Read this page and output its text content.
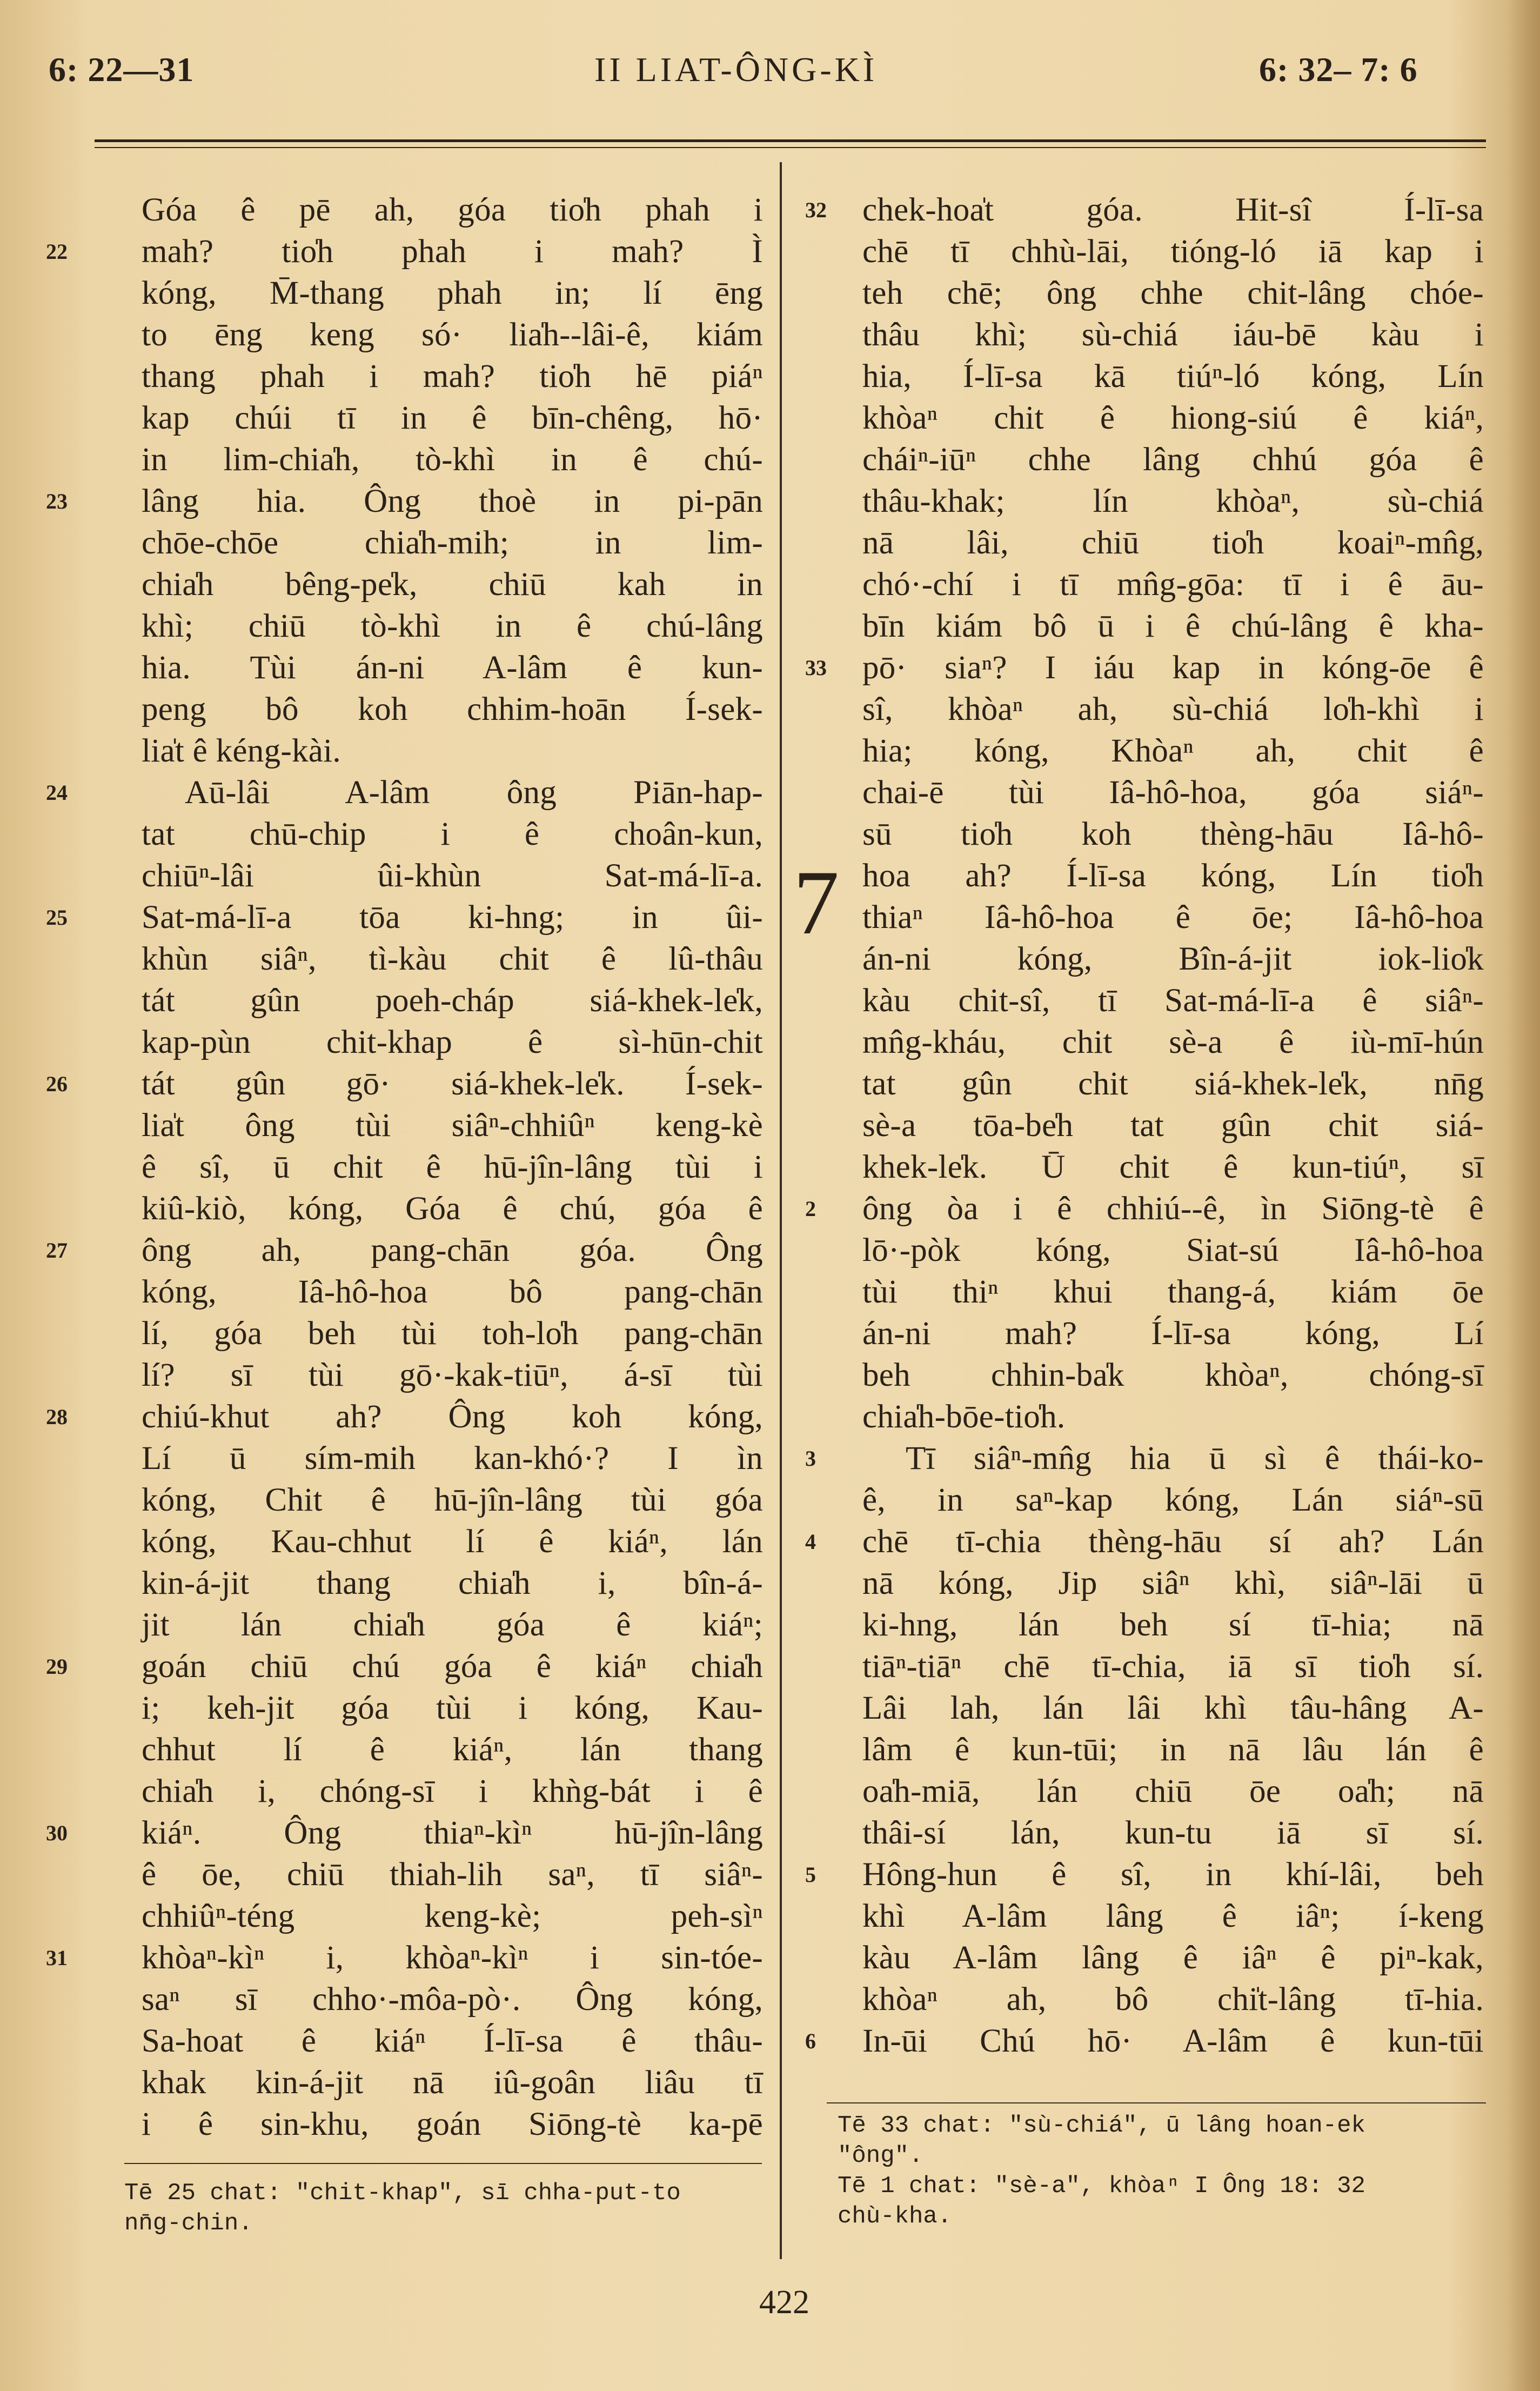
6: 22—31	II LIAT-ÔNG-KÌ	6: 32– 7: 6
22
23
24
25
26
27
28
29
30
31
Góa ê pē ah, góa tio̍h phah i
mah? tio̍h phah i mah? Ì
kóng, M̄-thang phah in; lí ēng
to ēng keng só· lia̍h--lâi-ê, kiám
thang phah i mah? tio̍h hē piáⁿ
kap chúi tī in ê bīn-chêng, hō·
in lim-chia̍h, tò-khì in ê chú-
lâng hia. Ông thoè in pi-pān
chōe-chōe chia̍h-mih; in lim-
chia̍h bêng-pe̍k, chiū kah in
khì; chiū tò-khì in ê chú-lâng
hia. Tùi án-ni A-lâm ê kun-
peng bô koh chhim-hoān Í-sek-
lia̍t ê kéng-kài.
Aū-lâi A-lâm ông Piān-hap-
tat chū-chip i ê choân-kun,
chiūⁿ-lâi ûi-khùn Sat-má-lī-a.
Sat-má-lī-a tōa ki-hng; in ûi-
khùn siâⁿ, tì-kàu chit ê lû-thâu
tát gûn poeh-cháp siá-khek-le̍k,
kap-pùn chit-khap ê sì-hūn-chit
tát gûn gō· siá-khek-le̍k. Í-sek-
lia̍t ông tùi siâⁿ-chhiûⁿ keng-kè
ê sî, ū chit ê hū-jîn-lâng tùi i
kiû-kiò, kóng, Góa ê chú, góa ê
ông ah, pang-chān góa. Ông
kóng, Iâ-hô-hoa bô pang-chān
lí, góa beh tùi toh-lo̍h pang-chān
lí? sī tùi gō·-kak-tiūⁿ, á-sī tùi
chiú-khut ah? Ông koh kóng,
Lí ū sím-mih kan-khó·? I ìn
kóng, Chit ê hū-jîn-lâng tùi góa
kóng, Kau-chhut lí ê kiáⁿ, lán
kin-á-jit thang chia̍h i, bîn-á-
jit lán chia̍h góa ê kiáⁿ;
goán chiū chú góa ê kiáⁿ chia̍h
i; keh-jit góa tùi i kóng, Kau-
chhut lí ê kiáⁿ, lán thang
chia̍h i, chóng-sī i khǹg-bát i ê
kiáⁿ. Ông thiaⁿ-kìⁿ hū-jîn-lâng
ê ōe, chiū thiah-lih saⁿ, tī siâⁿ-
chhiûⁿ-téng keng-kè; peh-sìⁿ
khòaⁿ-kìⁿ i, khòaⁿ-kìⁿ i sin-tóe-
saⁿ sī chho·-môa-pò·. Ông kóng,
Sa-hoat ê kiáⁿ Í-lī-sa ê thâu-
khak kin-á-jit nā iû-goân liâu tī
i ê sin-khu, goán Siōng-tè ka-pē
32
33
2
3
4
5
6
7
chek-hoa̍t góa. Hit-sî Í-lī-sa
chē tī chhù-lāi, tióng-ló iā kap i
teh chē; ông chhe chit-lâng chóe-
thâu khì; sù-chiá iáu-bē kàu i
hia, Í-lī-sa kā tiúⁿ-ló kóng, Lín
khòaⁿ chit ê hiong-siú ê kiáⁿ,
cháiⁿ-iūⁿ chhe lâng chhú góa ê
thâu-khak; lín khòaⁿ, sù-chiá
nā lâi, chiū tio̍h koaiⁿ-mn̂g,
chó·-chí i tī mn̂g-gōa: tī i ê āu-
bīn kiám bô ū i ê chú-lâng ê kha-
pō· siaⁿ? I iáu kap in kóng-ōe ê
sî, khòaⁿ ah, sù-chiá lo̍h-khì i
hia; kóng, Khòaⁿ ah, chit ê
chai-ē tùi Iâ-hô-hoa, góa siáⁿ-
sū tio̍h koh thèng-hāu Iâ-hô-
hoa ah? Í-lī-sa kóng, Lín tio̍h
thiaⁿ Iâ-hô-hoa ê ōe; Iâ-hô-hoa
án-ni kóng, Bîn-á-jit iok-lio̍k
kàu chit-sî, tī Sat-má-lī-a ê siâⁿ-
mn̂g-kháu, chit sè-a ê iù-mī-hún
tat gûn chit siá-khek-le̍k, nn̄g
sè-a tōa-be̍h tat gûn chit siá-
khek-le̍k. Ū chit ê kun-tiúⁿ, sī
ông òa i ê chhiú--ê, ìn Siōng-tè ê
lō·-pòk kóng, Siat-sú Iâ-hô-hoa
tùi thiⁿ khui thang-á, kiám ōe
án-ni mah? Í-lī-sa kóng, Lí
beh chhin-ba̍k khòaⁿ, chóng-sī
chia̍h-bōe-tio̍h.
Tī siâⁿ-mn̂g hia ū sì ê thái-ko-
ê, in saⁿ-kap kóng, Lán siáⁿ-sū
chē tī-chia thèng-hāu sí ah? Lán
nā kóng, Jip siâⁿ khì, siâⁿ-lāi ū
ki-hng, lán beh sí tī-hia; nā
tiāⁿ-tiāⁿ chē tī-chia, iā sī tio̍h sí.
Lâi lah, lán lâi khì tâu-hâng A-
lâm ê kun-tūi; in nā lâu lán ê
oa̍h-miā, lán chiū ōe oa̍h; nā
thâi-sí lán, kun-tu iā sī sí.
Hông-hun ê sî, in khí-lâi, beh
khì A-lâm lâng ê iâⁿ; í-keng
kàu A-lâm lâng ê iâⁿ ê piⁿ-kak,
khòaⁿ ah, bô chi̍t-lâng tī-hia.
In-ūi Chú hō· A-lâm ê kun-tūi
Tē 25 chat: "chit-khap", sī chha-put-to
nn̄g-chin.
Tē 33 chat: "sù-chiá", ū lâng hoan-ek
"ông".
Tē 1 chat: "sè-a", khòaⁿ I Ông 18: 32
chù-kha.
422
